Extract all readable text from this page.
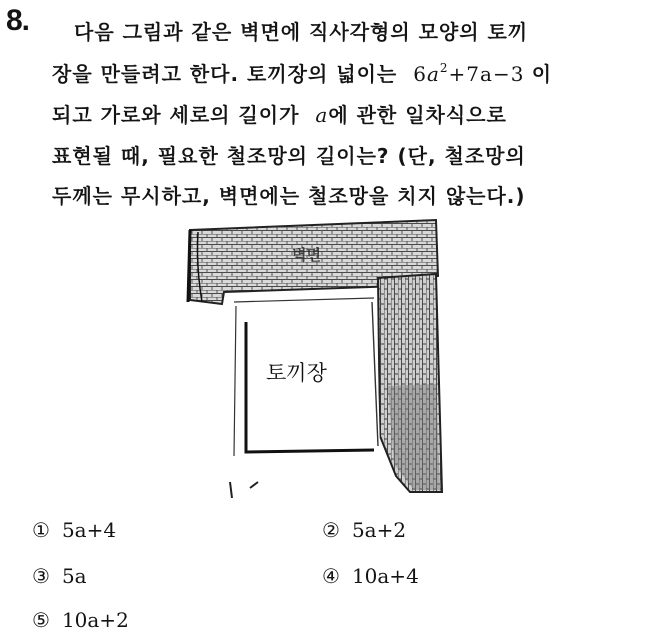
8. 다음 그림과 같은 벽면에 직사각형의 모양의 토끼
장을 만들려고 한다. 토끼장의 넓이는 $6a^2+7a-3$ 이
되고 가로와 세로의 길이가 a에 관한 일차식으로
표현될 때, 필요한 철조망의 길이는? (단, 철조망의
두께는 무시하고, 벽면에는 철조망을 치지 않는다.)
벽면
토끼장
① 5a+4	② 5a+2
③ 5a	④ 10a+4
⑤ 10a+2
